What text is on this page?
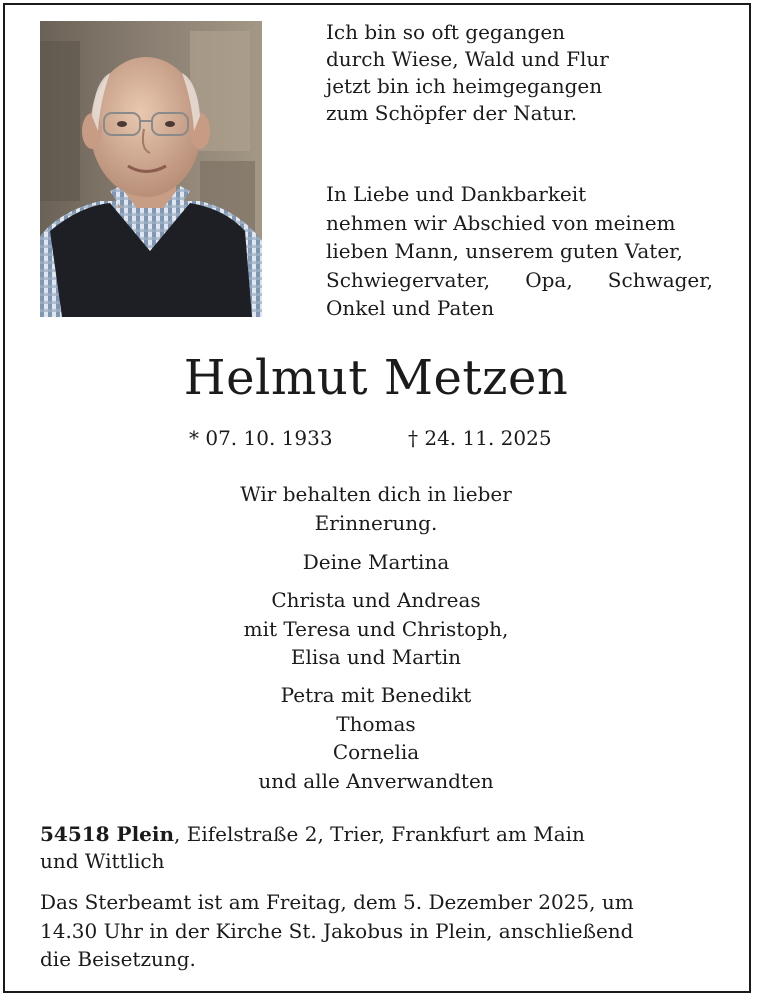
Ich bin so oft gegangen
durch Wiese, Wald und Flur
jetzt bin ich heimgegangen
zum Schöpfer der Natur.
In Liebe und Dankbarkeit
nehmen wir Abschied von meinem
lieben Mann, unserem guten Vater,
Schwiegervater, Opa, Schwager,
Onkel und Paten
Helmut Metzen
* 07. 10. 1933	† 24. 11. 2025
Wir behalten dich in lieber
Erinnerung.
Deine Martina
Christa und Andreas
mit Teresa und Christoph,
Elisa und Martin
Petra mit Benedikt
Thomas
Cornelia
und alle Anverwandten
54518 Plein, Eifelstraße 2, Trier, Frankfurt am Main
und Wittlich
Das Sterbeamt ist am Freitag, dem 5. Dezember 2025, um
14.30 Uhr in der Kirche St. Jakobus in Plein, anschließend
die Beisetzung.
